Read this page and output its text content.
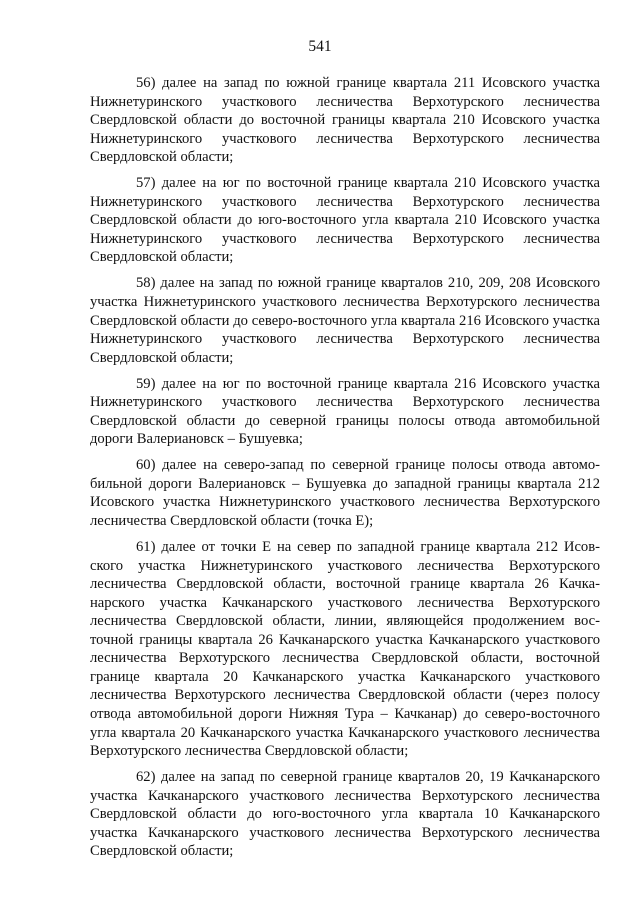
541

56) далее на запад по южной границе квартала 211 Исовского участка Нижнетуринского участкового лесничества Верхотурского лесничества Свердловской области до восточной границы квартала 210 Исовского участка Нижнетуринского участкового лесничества Верхотурского лесничества Свердловской области;

57) далее на юг по восточной границе квартала 210 Исовского участка Нижнетуринского участкового лесничества Верхотурского лесничества Свердловской области до юго-восточного угла квартала 210 Исовского участка Нижнетуринского участкового лесничества Верхотурского лесничества Свердловской области;

58) далее на запад по южной границе кварталов 210, 209, 208 Исовского участка Нижнетуринского участкового лесничества Верхотурского лесничества Свердловской области до северо-восточного угла квартала 216 Исовского участка Нижнетуринского участкового лесничества Верхотурского лесничества Свердловской области;

59) далее на юг по восточной границе квартала 216 Исовского участка Нижнетуринского участкового лесничества Верхотурского лесничества Свердловской области до северной границы полосы отвода автомобильной дороги Валериановск – Бушуевка;

60) далее на северо-запад по северной границе полосы отвода автомобильной дороги Валериановск – Бушуевка до западной границы квартала 212 Исовского участка Нижнетуринского участкового лесничества Верхотурского лесничества Свердловской области (точка Е);

61) далее от точки Е на север по западной границе квартала 212 Исовского участка Нижнетуринского участкового лесничества Верхотурского лесничества Свердловской области, восточной границе квартала 26 Качканарского участка Качканарского участкового лесничества Верхотурского лесничества Свердловской области, линии, являющейся продолжением восточной границы квартала 26 Качканарского участка Качканарского участкового лесничества Верхотурского лесничества Свердловской области, восточной границе квартала 20 Качканарского участка Качканарского участкового лесничества Верхотурского лесничества Свердловской области (через полосу отвода автомобильной дороги Нижняя Тура – Качканар) до северо-восточного угла квартала 20 Качканарского участка Качканарского участкового лесничества Верхотурского лесничества Свердловской области;

62) далее на запад по северной границе кварталов 20, 19 Качканарского участка Качканарского участкового лесничества Верхотурского лесничества Свердловской области до юго-восточного угла квартала 10 Качканарского участка Качканарского участкового лесничества Верхотурского лесничества Свердловской области;
